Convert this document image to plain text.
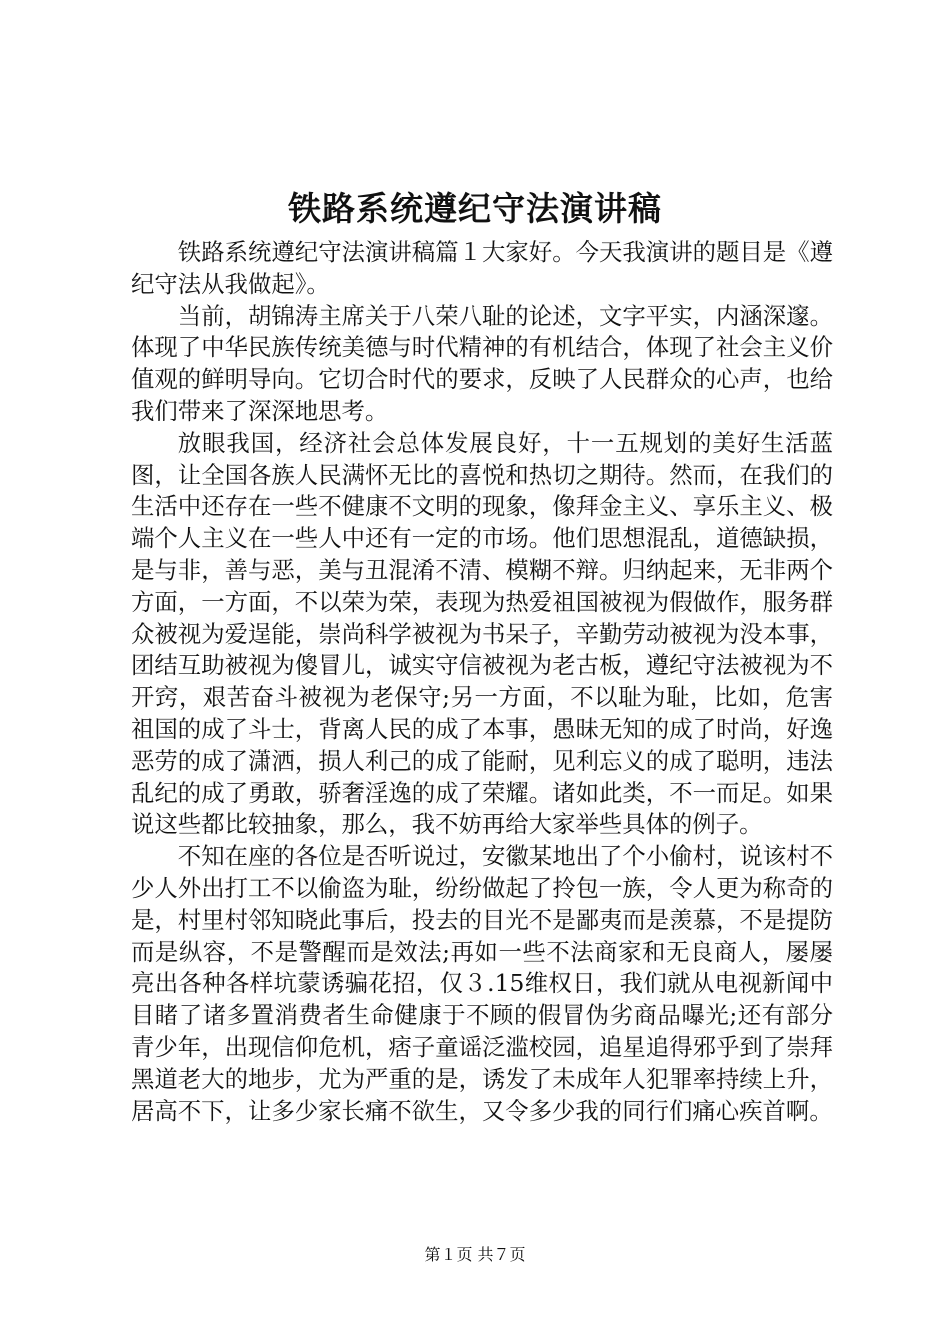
铁路系统遵纪守法演讲稿

铁路系统遵纪守法演讲稿篇１大家好。今天我演讲的题目是《遵纪守法从我做起》。

当前，胡锦涛主席关于八荣八耻的论述，文字平实，内涵深邃。体现了中华民族传统美德与时代精神的有机结合，体现了社会主义价值观的鲜明导向。它切合时代的要求，反映了人民群众的心声，也给我们带来了深深地思考。

放眼我国，经济社会总体发展良好，十一五规划的美好生活蓝图，让全国各族人民满怀无比的喜悦和热切之期待。然而，在我们的生活中还存在一些不健康不文明的现象，像拜金主义、享乐主义、极端个人主义在一些人中还有一定的市场。他们思想混乱，道德缺损，是与非，善与恶，美与丑混淆不清、模糊不辩。归纳起来，无非两个方面，一方面，不以荣为荣，表现为热爱祖国被视为假做作，服务群众被视为爱逞能，崇尚科学被视为书呆子，辛勤劳动被视为没本事，团结互助被视为傻冒儿，诚实守信被视为老古板，遵纪守法被视为不开窍，艰苦奋斗被视为老保守;另一方面，不以耻为耻，比如，危害祖国的成了斗士，背离人民的成了本事，愚昧无知的成了时尚，好逸恶劳的成了潇洒，损人利己的成了能耐，见利忘义的成了聪明，违法乱纪的成了勇敢，骄奢淫逸的成了荣耀。诸如此类，不一而足。如果说这些都比较抽象，那么，我不妨再给大家举些具体的例子。

不知在座的各位是否听说过，安徽某地出了个小偷村，说该村不少人外出打工不以偷盗为耻，纷纷做起了拎包一族，令人更为称奇的是，村里村邻知晓此事后，投去的目光不是鄙夷而是羡慕，不是提防而是纵容，不是警醒而是效法;再如一些不法商家和无良商人，屡屡亮出各种各样坑蒙诱骗花招，仅３.15维权日，我们就从电视新闻中目睹了诸多置消费者生命健康于不顾的假冒伪劣商品曝光;还有部分青少年，出现信仰危机，痞子童谣泛滥校园，追星追得邪乎到了崇拜黑道老大的地步，尤为严重的是，诱发了未成年人犯罪率持续上升，居高不下，让多少家长痛不欲生，又令多少我的同行们痛心疾首啊。

第１页 共７页
